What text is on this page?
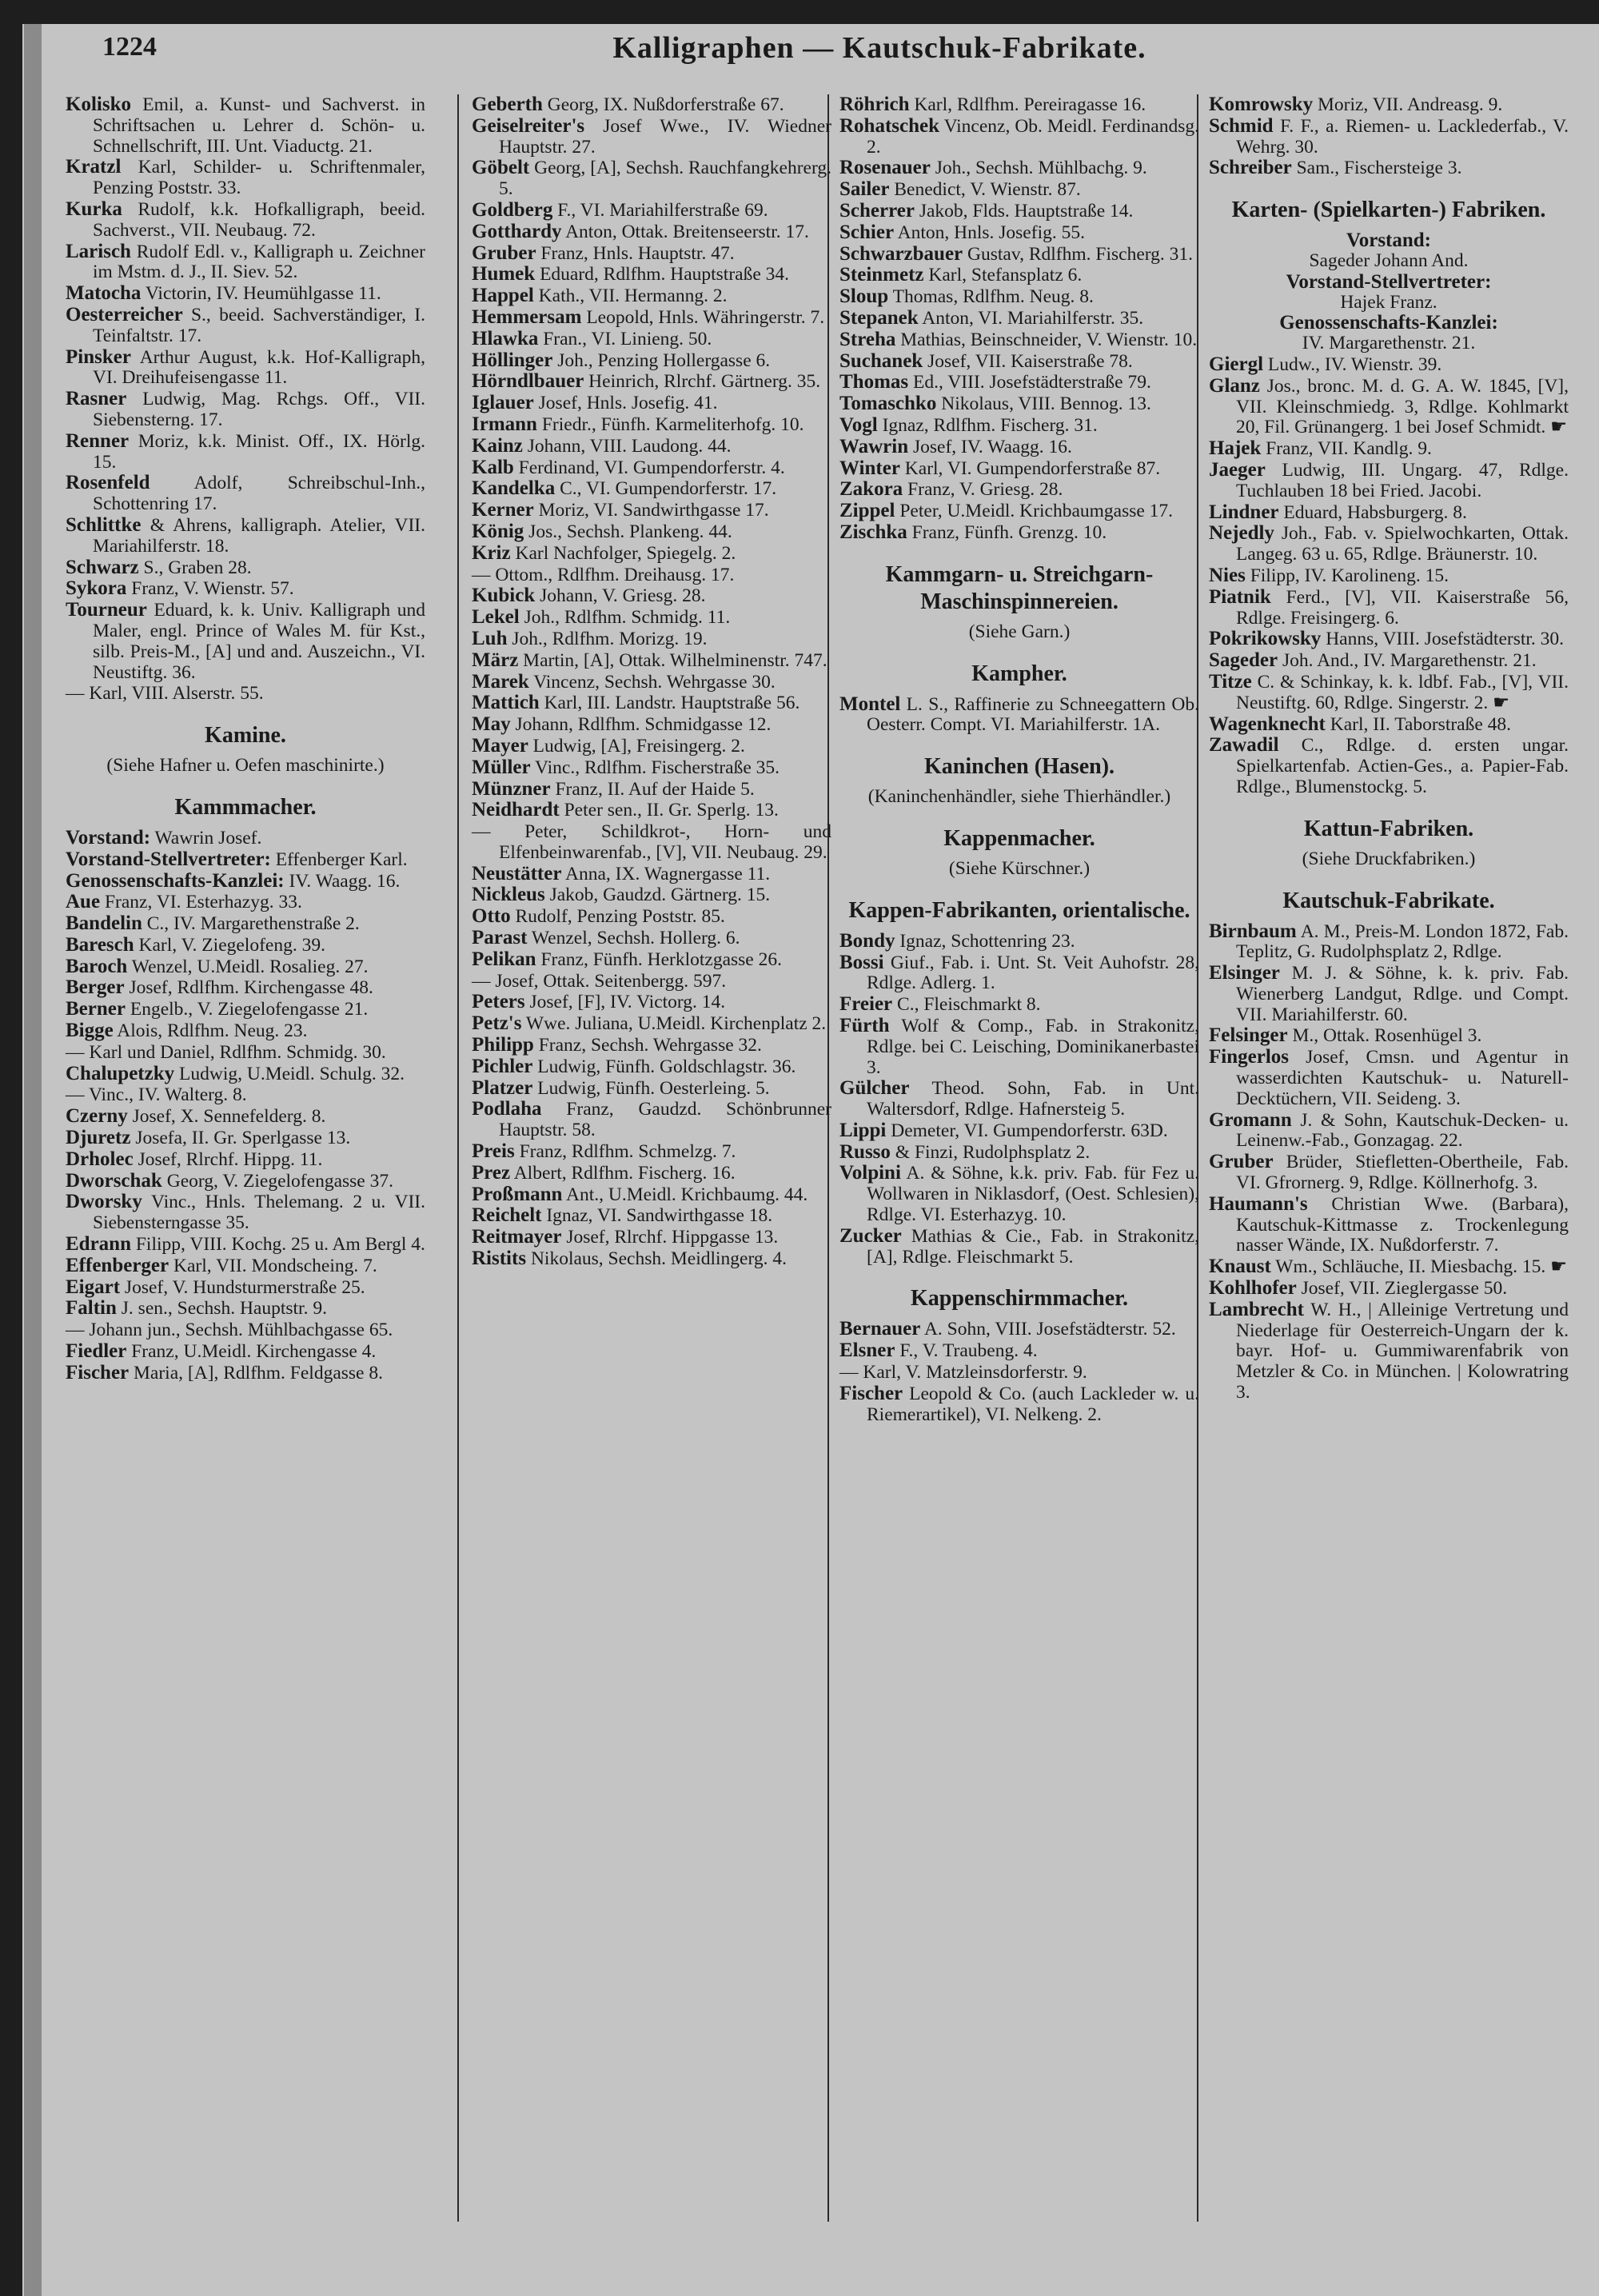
1224	Kalligraphen — Kautschuk-Fabrikate.
Kolisko Emil, a. Kunst- und Sachverst. in Schriftsachen u. Lehrer d. Schön- u. Schnellschrift, III. Unt. Viaductg. 21.
Kratzl Karl, Schilder- u. Schriftenmaler, Penzing Poststr. 33.
Kurka Rudolf, k.k. Hofkalligraph, beeid. Sachverst., VII. Neubaug. 72.
Larisch Rudolf Edl. v., Kalligraph u. Zeichner im Mstm. d. J., II. Siev. 52.
Matocha Victorin, IV. Heumühlgasse 11.
Oesterreicher S., beeid. Sachverständiger, I. Teinfaltstr. 17.
Pinsker Arthur August, k.k. Hof-Kalligraph, VI. Dreihufeisengasse 11.
Rasner Ludwig, Mag. Rchgs. Off., VII. Siebensterng. 17.
Renner Moriz, k.k. Minist. Off., IX. Hörlg. 15.
Rosenfeld Adolf, Schreibschul-Inh., Schottenring 17.
Schlittke & Ahrens, kalligraph. Atelier, VII. Mariahilferstr. 18.
Schwarz S., Graben 28.
Sykora Franz, V. Wienstr. 57.
Tourneur Eduard, k. k. Univ. Kalligraph und Maler, engl. Prince of Wales M. für Kst., silb. Preis-M., [A] und and. Auszeichn., VI. Neustiftg. 36.
— Karl, VIII. Alserstr. 55.
Kamine.
(Siehe Hafner u. Oefen maschinirte.)
Kammmacher.
Vorstand: Wawrin Josef.
Vorstand-Stellvertreter: Effenberger Karl.
Genossenschafts-Kanzlei: IV. Waagg. 16.
Aue Franz, VI. Esterhazyg. 33.
Bandelin C., IV. Margarethenstraße 2.
Baresch Karl, V. Ziegelofeng. 39.
Baroch Wenzel, U.Meidl. Rosalieg. 27.
Berger Josef, Rdlfhm. Kirchengasse 48.
Berner Engelb., V. Ziegelofengasse 21.
Bigge Alois, Rdlfhm. Neug. 23.
— Karl und Daniel, Rdlfhm. Schmidg. 30.
Chalupetzky Ludwig, U.Meidl. Schulg. 32.
— Vinc., IV. Walterg. 8.
Czerny Josef, X. Sennefelderg. 8.
Djuretz Josefa, II. Gr. Sperlgasse 13.
Drholec Josef, Rlrchf. Hippg. 11.
Dworschak Georg, V. Ziegelofengasse 37.
Dworsky Vinc., Hnls. Thelemang. 2 u. VII. Siebensterngasse 35.
Edrann Filipp, VIII. Kochg. 25 u. Am Bergl 4.
Effenberger Karl, VII. Mondscheing. 7.
Eigart Josef, V. Hundsturmerstraße 25.
Faltin J. sen., Sechsh. Hauptstr. 9.
— Johann jun., Sechsh. Mühlbachgasse 65.
Fiedler Franz, U.Meidl. Kirchengasse 4.
Fischer Maria, [A], Rdlfhm. Feldgasse 8.
Geberth Georg, IX. Nußdorferstraße 67.
Geiselreiter's Josef Wwe., IV. Wiedner Hauptstr. 27.
Göbelt Georg, [A], Sechsh. Rauchfangkehrerg. 5.
Goldberg F., VI. Mariahilferstraße 69.
Gotthardy Anton, Ottak. Breitenseerstr. 17.
Gruber Franz, Hnls. Hauptstr. 47.
Humek Eduard, Rdlfhm. Hauptstraße 34.
Happel Kath., VII. Hermanng. 2.
Hemmersam Leopold, Hnls. Währingerstr. 7.
Hlawka Fran., VI. Linieng. 50.
Höllinger Joh., Penzing Hollergasse 6.
Hörndlbauer Heinrich, Rlrchf. Gärtnerg. 35.
Iglauer Josef, Hnls. Josefig. 41.
Irmann Friedr., Fünfh. Karmeliterhofg. 10.
Kainz Johann, VIII. Laudong. 44.
Kalb Ferdinand, VI. Gumpendorferstr. 4.
Kandelka C., VI. Gumpendorferstr. 17.
Kerner Moriz, VI. Sandwirthgasse 17.
König Jos., Sechsh. Plankeng. 44.
Kriz Karl Nachfolger, Spiegelg. 2.
— Ottom., Rdlfhm. Dreihausg. 17.
Kubick Johann, V. Griesg. 28.
Lekel Joh., Rdlfhm. Schmidg. 11.
Luh Joh., Rdlfhm. Morizg. 19.
März Martin, [A], Ottak. Wilhelminenstr. 747.
Marek Vincenz, Sechsh. Wehrgasse 30.
Mattich Karl, III. Landstr. Hauptstraße 56.
May Johann, Rdlfhm. Schmidgasse 12.
Mayer Ludwig, [A], Freisingerg. 2.
Müller Vinc., Rdlfhm. Fischerstraße 35.
Münzner Franz, II. Auf der Haide 5.
Neidhardt Peter sen., II. Gr. Sperlg. 13.
— Peter, Schildkrot-, Horn- und Elfenbeinwarenfab., [V], VII. Neubaug. 29.
Neustätter Anna, IX. Wagnergasse 11.
Nickleus Jakob, Gaudzd. Gärtnerg. 15.
Otto Rudolf, Penzing Poststr. 85.
Parast Wenzel, Sechsh. Hollerg. 6.
Pelikan Franz, Fünfh. Herklotzgasse 26.
— Josef, Ottak. Seitenbergg. 597.
Peters Josef, [F], IV. Victorg. 14.
Petz's Wwe. Juliana, U.Meidl. Kirchenplatz 2.
Philipp Franz, Sechsh. Wehrgasse 32.
Pichler Ludwig, Fünfh. Goldschlagstr. 36.
Platzer Ludwig, Fünfh. Oesterleing. 5.
Podlaha Franz, Gaudzd. Schönbrunner Hauptstr. 58.
Preis Franz, Rdlfhm. Schmelzg. 7.
Prez Albert, Rdlfhm. Fischerg. 16.
Proßmann Ant., U.Meidl. Krichbaumg. 44.
Reichelt Ignaz, VI. Sandwirthgasse 18.
Reitmayer Josef, Rlrchf. Hippgasse 13.
Ristits Nikolaus, Sechsh. Meidlingerg. 4.
Röhrich Karl, Rdlfhm. Pereiragasse 16.
Rohatschek Vincenz, Ob. Meidl. Ferdinandsg. 2.
Rosenauer Joh., Sechsh. Mühlbachg. 9.
Sailer Benedict, V. Wienstr. 87.
Scherrer Jakob, Flds. Hauptstraße 14.
Schier Anton, Hnls. Josefig. 55.
Schwarzbauer Gustav, Rdlfhm. Fischerg. 31.
Steinmetz Karl, Stefansplatz 6.
Sloup Thomas, Rdlfhm. Neug. 8.
Stepanek Anton, VI. Mariahilferstr. 35.
Streha Mathias, Beinschneider, V. Wienstr. 10.
Suchanek Josef, VII. Kaiserstraße 78.
Thomas Ed., VIII. Josefstädterstraße 79.
Tomaschko Nikolaus, VIII. Bennog. 13.
Vogl Ignaz, Rdlfhm. Fischerg. 31.
Wawrin Josef, IV. Waagg. 16.
Winter Karl, VI. Gumpendorferstraße 87.
Zakora Franz, V. Griesg. 28.
Zippel Peter, U.Meidl. Krichbaumgasse 17.
Zischka Franz, Fünfh. Grenzg. 10.
Kammgarn- u. Streichgarn-Maschinspinnereien.
(Siehe Garn.)
Kampher.
Montel L. S., Raffinerie zu Schneegattern Ob. Oesterr. Compt. VI. Mariahilferstr. 1A.
Kaninchen (Hasen).
(Kaninchenhändler, siehe Thierhändler.)
Kappenmacher.
(Siehe Kürschner.)
Kappen-Fabrikanten, orientalische.
Bondy Ignaz, Schottenring 23.
Bossi Giuf., Fab. i. Unt. St. Veit Auhofstr. 28, Rdlge. Adlerg. 1.
Freier C., Fleischmarkt 8.
Fürth Wolf & Comp., Fab. in Strakonitz, Rdlge. bei C. Leisching, Dominikanerbastei 3.
Gülcher Theod. Sohn, Fab. in Unt. Waltersdorf, Rdlge. Hafnersteig 5.
Lippi Demeter, VI. Gumpendorferstr. 63D.
Russo & Finzi, Rudolphsplatz 2.
Volpini A. & Söhne, k.k. priv. Fab. für Fez u. Wollwaren in Niklasdorf, (Oest. Schlesien), Rdlge. VI. Esterhazyg. 10.
Zucker Mathias & Cie., Fab. in Strakonitz, [A], Rdlge. Fleischmarkt 5.
Kappenschirmmacher.
Bernauer A. Sohn, VIII. Josefstädterstr. 52.
Elsner F., V. Traubeng. 4.
— Karl, V. Matzleinsdorferstr. 9.
Fischer Leopold & Co. (auch Lackleder w. u. Riemerartikel), VI. Nelkeng. 2.
Komrowsky Moriz, VII. Andreasg. 9.
Schmid F. F., a. Riemen- u. Lacklederfab., V. Wehrg. 30.
Schreiber Sam., Fischersteige 3.
Karten- (Spielkarten-) Fabriken.
Vorstand:
Sageder Johann And.
Vorstand-Stellvertreter:
Hajek Franz.
Genossenschafts-Kanzlei:
IV. Margarethenstr. 21.
Giergl Ludw., IV. Wienstr. 39.
Glanz Jos., bronc. M. d. G. A. W. 1845, [V], VII. Kleinschmiedg. 3, Rdlge. Kohlmarkt 20, Fil. Grünangerg. 1 bei Josef Schmidt. ☛
Hajek Franz, VII. Kandlg. 9.
Jaeger Ludwig, III. Ungarg. 47, Rdlge. Tuchlauben 18 bei Fried. Jacobi.
Lindner Eduard, Habsburgerg. 8.
Nejedly Joh., Fab. v. Spielwochkarten, Ottak. Langeg. 63 u. 65, Rdlge. Bräunerstr. 10.
Nies Filipp, IV. Karolineng. 15.
Piatnik Ferd., [V], VII. Kaiserstraße 56, Rdlge. Freisingerg. 6.
Pokrikowsky Hanns, VIII. Josefstädterstr. 30.
Sageder Joh. And., IV. Margarethenstr. 21.
Titze C. & Schinkay, k. k. ldbf. Fab., [V], VII. Neustiftg. 60, Rdlge. Singerstr. 2. ☛
Wagenknecht Karl, II. Taborstraße 48.
Zawadil C., Rdlge. d. ersten ungar. Spielkartenfab. Actien-Ges., a. Papier-Fab. Rdlge., Blumenstockg. 5.
Kattun-Fabriken.
(Siehe Druckfabriken.)
Kautschuk-Fabrikate.
Birnbaum A. M., Preis-M. London 1872, Fab. Teplitz, G. Rudolphsplatz 2, Rdlge.
Elsinger M. J. & Söhne, k. k. priv. Fab. Wienerberg Landgut, Rdlge. und Compt. VII. Mariahilferstr. 60.
Felsinger M., Ottak. Rosenhügel 3.
Fingerlos Josef, Cmsn. und Agentur in wasserdichten Kautschuk- u. Naturell-Decktüchern, VII. Seideng. 3.
Gromann J. & Sohn, Kautschuk-Decken- u. Leinenw.-Fab., Gonzagag. 22.
Gruber Brüder, Stiefletten-Obertheile, Fab. VI. Gfrornerg. 9, Rdlge. Köllnerhofg. 3.
Haumann's Christian Wwe. (Barbara), Kautschuk-Kittmasse z. Trockenlegung nasser Wände, IX. Nußdorferstr. 7.
Knaust Wm., Schläuche, II. Miesbachg. 15. ☛
Kohlhofer Josef, VII. Zieglergasse 50.
Lambrecht W. H., | Alleinige Vertretung und Niederlage für Oesterreich-Ungarn der k. bayr. Hof- u. Gummiwarenfabrik von Metzler & Co. in München. | Kolowratring 3.
